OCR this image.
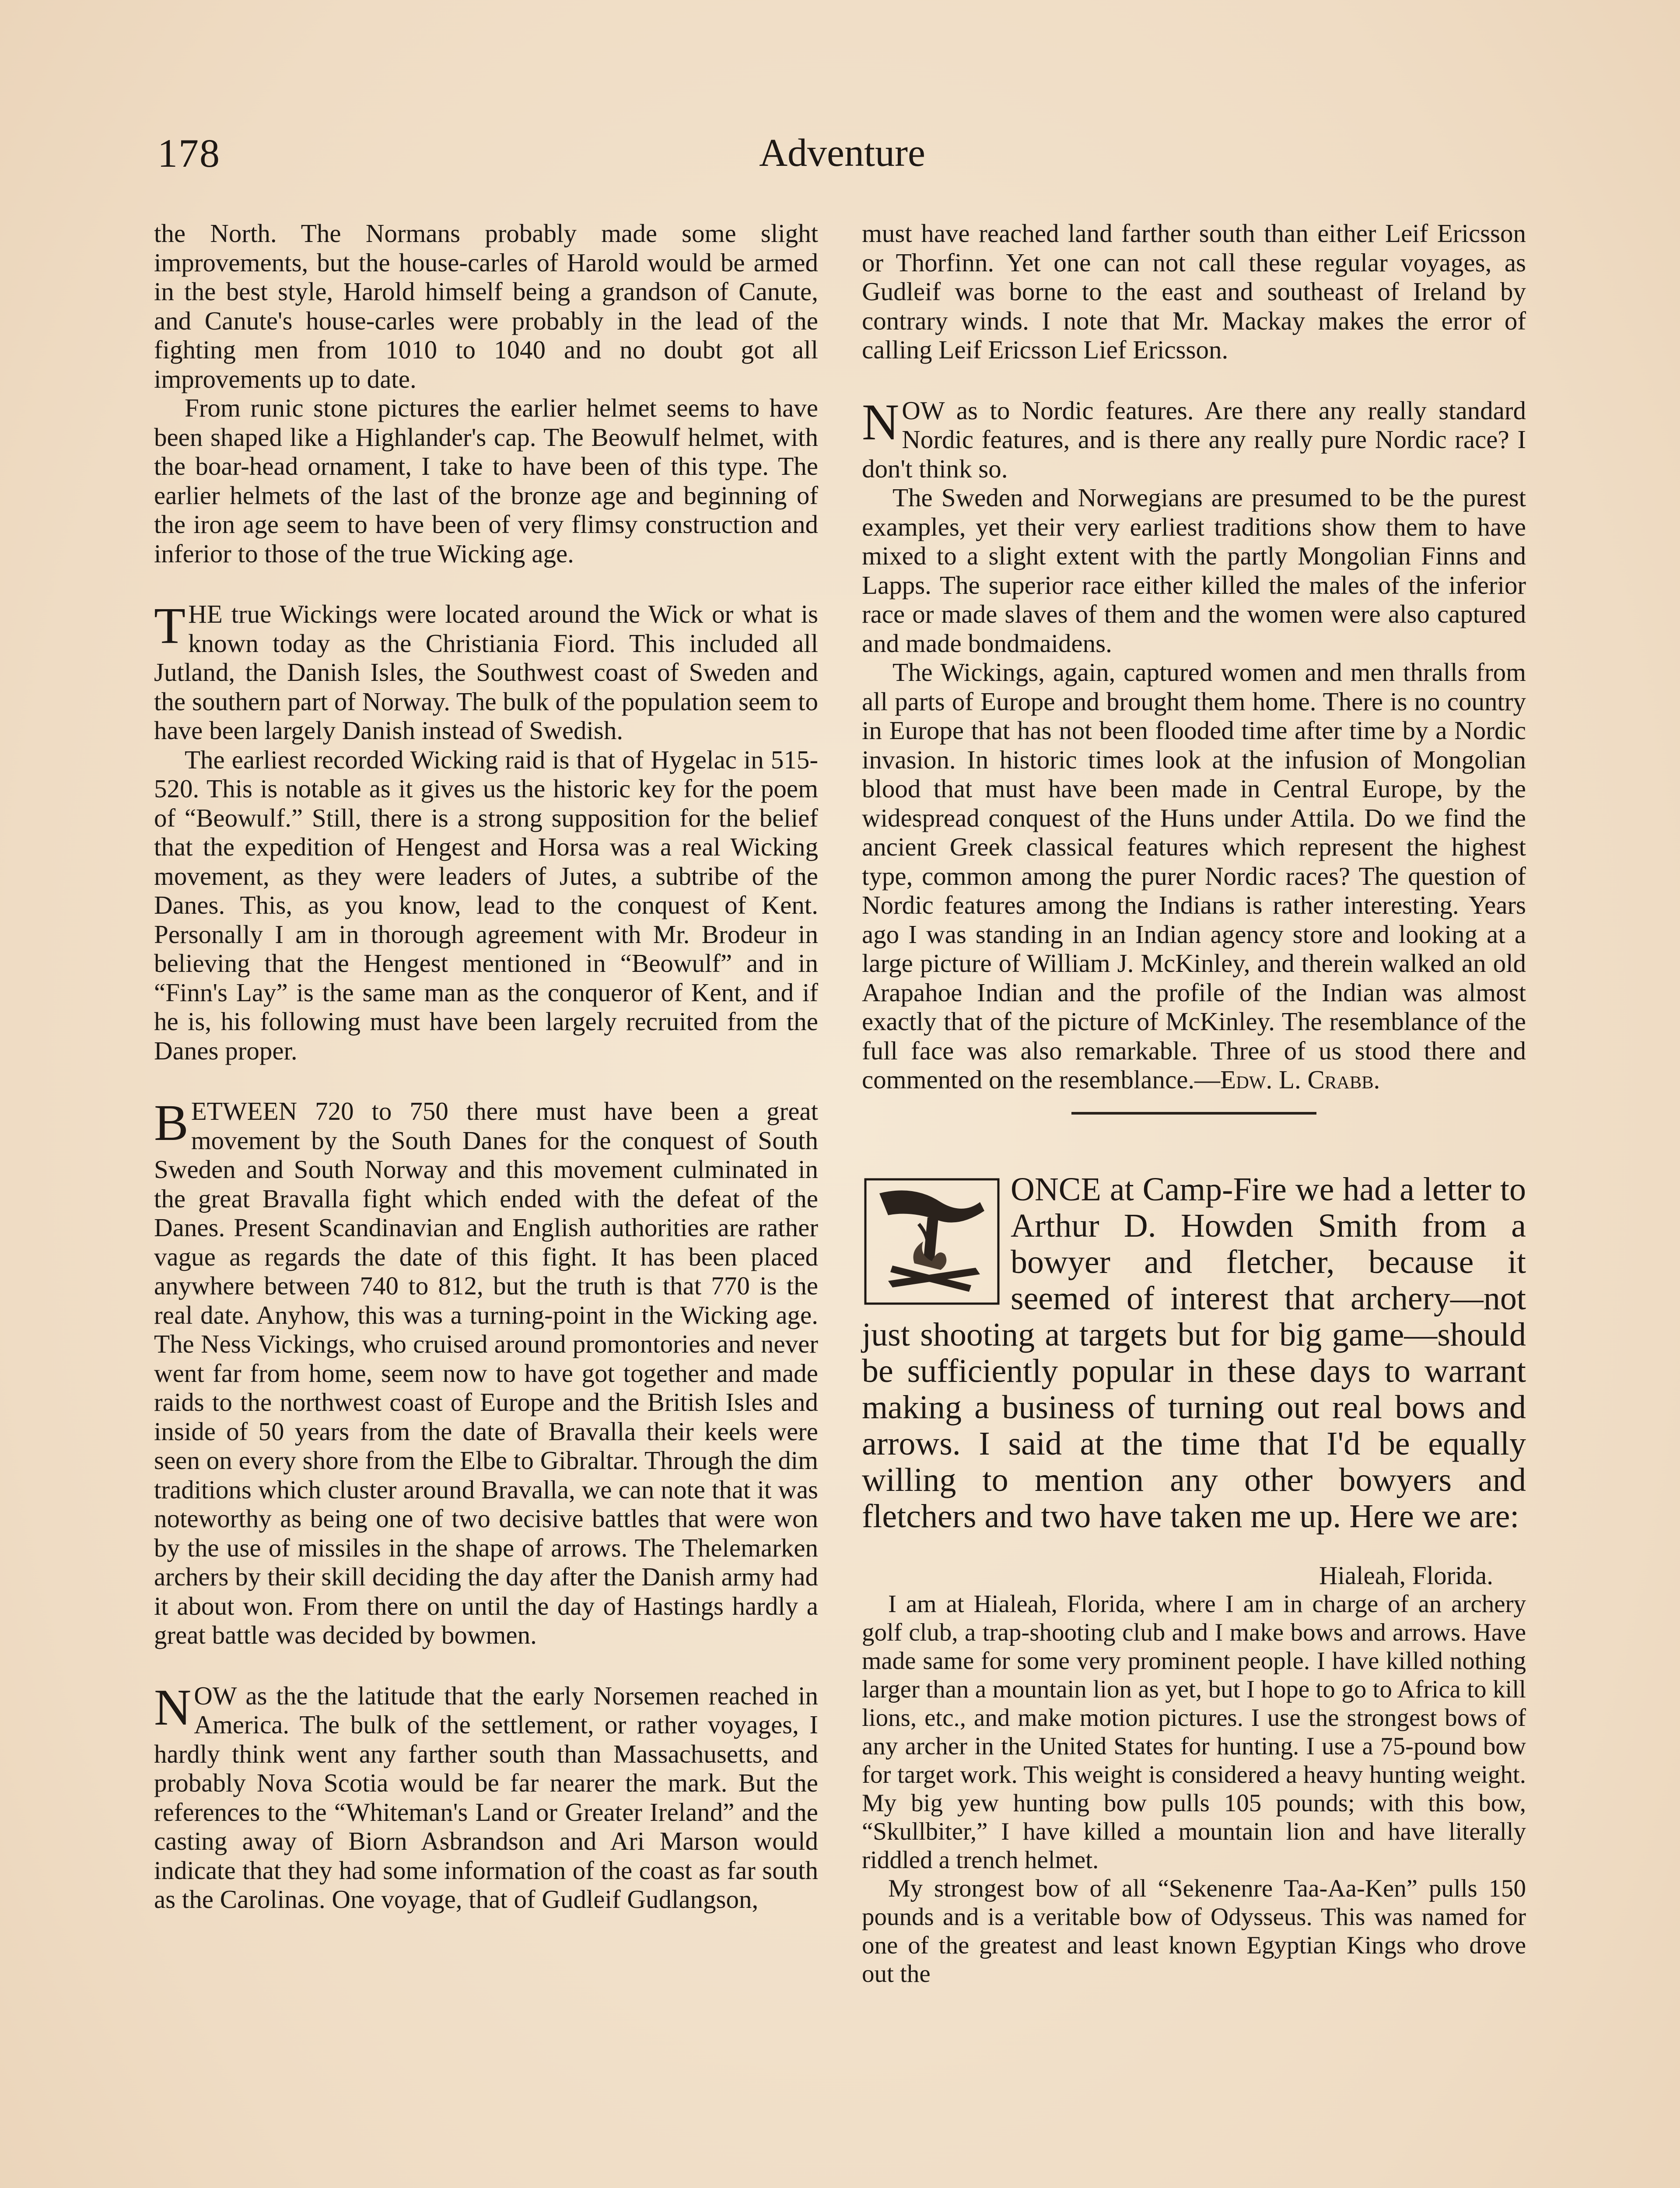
178	Adventure

the North. The Normans probably made some slight improvements, but the house-carles of Harold would be armed in the best style, Harold himself being a grandson of Canute, and Canute's house-carles were probably in the lead of the fighting men from 1010 to 1040 and no doubt got all improvements up to date.

From runic stone pictures the earlier helmet seems to have been shaped like a Highlander's cap. The Beowulf helmet, with the boar-head ornament, I take to have been of this type. The earlier helmets of the last of the bronze age and beginning of the iron age seem to have been of very flimsy construction and inferior to those of the true Wicking age.

THE true Wickings were located around the Wick or what is known today as the Christiania Fiord. This included all Jutland, the Danish Isles, the Southwest coast of Sweden and the southern part of Norway. The bulk of the population seem to have been largely Danish instead of Swedish.

The earliest recorded Wicking raid is that of Hygelac in 515-520. This is notable as it gives us the historic key for the poem of “Beowulf.” Still, there is a strong supposition for the belief that the expedition of Hengest and Horsa was a real Wicking movement, as they were leaders of Jutes, a subtribe of the Danes. This, as you know, lead to the conquest of Kent. Personally I am in thorough agreement with Mr. Brodeur in believing that the Hengest mentioned in “Beowulf” and in “Finn's Lay” is the same man as the conqueror of Kent, and if he is, his following must have been largely recruited from the Danes proper.

BETWEEN 720 to 750 there must have been a great movement by the South Danes for the conquest of South Sweden and South Norway and this movement culminated in the great Bravalla fight which ended with the defeat of the Danes. Present Scandinavian and English authorities are rather vague as regards the date of this fight. It has been placed anywhere between 740 to 812, but the truth is that 770 is the real date. Anyhow, this was a turning-point in the Wicking age. The Ness Vickings, who cruised around promontories and never went far from home, seem now to have got together and made raids to the northwest coast of Europe and the British Isles and inside of 50 years from the date of Bravalla their keels were seen on every shore from the Elbe to Gibraltar. Through the dim traditions which cluster around Bravalla, we can note that it was noteworthy as being one of two decisive battles that were won by the use of missiles in the shape of arrows. The Thelemarken archers by their skill deciding the day after the Danish army had it about won. From there on until the day of Hastings hardly a great battle was decided by bowmen.

NOW as the the latitude that the early Norsemen reached in America. The bulk of the settlement, or rather voyages, I hardly think went any farther south than Massachusetts, and probably Nova Scotia would be far nearer the mark. But the references to the “Whiteman's Land or Greater Ireland” and the casting away of Biorn Asbrandson and Ari Marson would indicate that they had some information of the coast as far south as the Carolinas. One voyage, that of Gudleif Gudlangson,

must have reached land farther south than either Leif Ericsson or Thorfinn. Yet one can not call these regular voyages, as Gudleif was borne to the east and southeast of Ireland by contrary winds. I note that Mr. Mackay makes the error of calling Leif Ericsson Lief Ericsson.

NOW as to Nordic features. Are there any really standard Nordic features, and is there any really pure Nordic race? I don't think so.

The Sweden and Norwegians are presumed to be the purest examples, yet their very earliest traditions show them to have mixed to a slight extent with the partly Mongolian Finns and Lapps. The superior race either killed the males of the inferior race or made slaves of them and the women were also captured and made bondmaidens.

The Wickings, again, captured women and men thralls from all parts of Europe and brought them home. There is no country in Europe that has not been flooded time after time by a Nordic invasion. In historic times look at the infusion of Mongolian blood that must have been made in Central Europe, by the widespread conquest of the Huns under Attila. Do we find the ancient Greek classical features which represent the highest type, common among the purer Nordic races? The question of Nordic features among the Indians is rather interesting. Years ago I was standing in an Indian agency store and looking at a large picture of William J. McKinley, and therein walked an old Arapahoe Indian and the profile of the Indian was almost exactly that of the picture of McKinley. The resemblance of the full face was also remarkable. Three of us stood there and commented on the resemblance.—Edw. L. Crabb.

ONCE at Camp-Fire we had a letter to Arthur D. Howden Smith from a bowyer and fletcher, because it seemed of interest that archery—not just shooting at targets but for big game—should be sufficiently popular in these days to warrant making a business of turning out real bows and arrows. I said at the time that I'd be equally willing to mention any other bowyers and fletchers and two have taken me up. Here we are:

Hialeah, Florida.

I am at Hialeah, Florida, where I am in charge of an archery golf club, a trap-shooting club and I make bows and arrows. Have made same for some very prominent people. I have killed nothing larger than a mountain lion as yet, but I hope to go to Africa to kill lions, etc., and make motion pictures. I use the strongest bows of any archer in the United States for hunting. I use a 75-pound bow for target work. This weight is considered a heavy hunting weight. My big yew hunting bow pulls 105 pounds; with this bow, “Skullbiter,” I have killed a mountain lion and have literally riddled a trench helmet.

My strongest bow of all “Sekenenre Taa-Aa-Ken” pulls 150 pounds and is a veritable bow of Odysseus. This was named for one of the greatest and least known Egyptian Kings who drove out the
